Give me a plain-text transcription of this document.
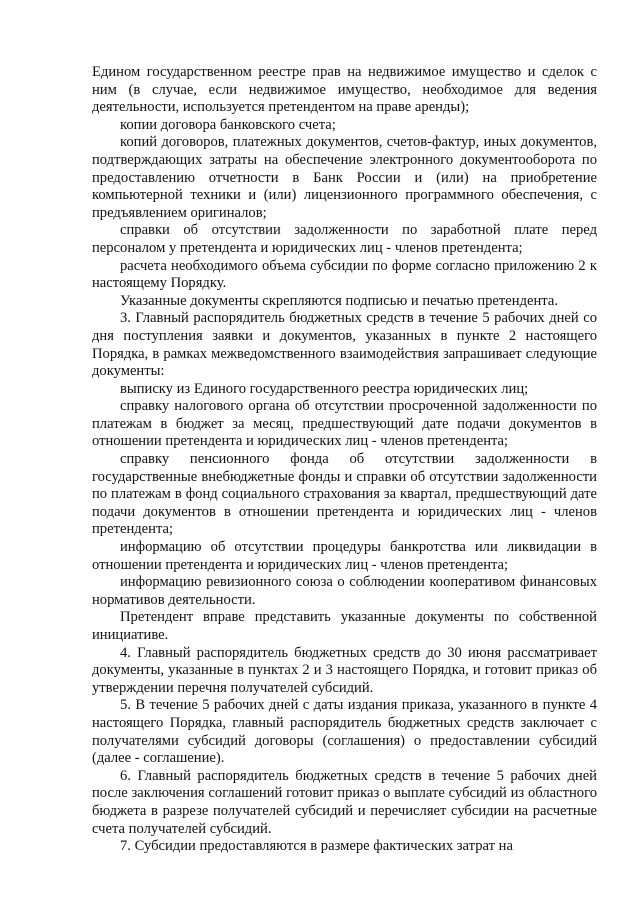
Едином государственном реестре прав на недвижимое имущество и сделок с ним (в случае, если недвижимое имущество, необходимое для ведения деятельности, используется претендентом на праве аренды);

копии договора банковского счета;

копий договоров, платежных документов, счетов-фактур, иных документов, подтверждающих затраты на обеспечение электронного документооборота по предоставлению отчетности в Банк России и (или) на приобретение компьютерной техники и (или) лицензионного программного обеспечения, с предъявлением оригиналов;

справки об отсутствии задолженности по заработной плате перед персоналом у претендента и юридических лиц - членов претендента;

расчета необходимого объема субсидии по форме согласно приложению 2 к настоящему Порядку.

Указанные документы скрепляются подписью и печатью претендента.

3. Главный распорядитель бюджетных средств в течение 5 рабочих дней со дня поступления заявки и документов, указанных в пункте 2 настоящего Порядка, в рамках межведомственного взаимодействия запрашивает следующие документы:

выписку из Единого государственного реестра юридических лиц;

справку налогового органа об отсутствии просроченной задолженности по платежам в бюджет за месяц, предшествующий дате подачи документов в отношении претендента и юридических лиц - членов претендента;

справку пенсионного фонда об отсутствии задолженности в государственные внебюджетные фонды и справки об отсутствии задолженности по платежам в фонд социального страхования за квартал, предшествующий дате подачи документов в отношении претендента и юридических лиц - членов претендента;

информацию об отсутствии процедуры банкротства или ликвидации в отношении претендента и юридических лиц - членов претендента;

информацию ревизионного союза о соблюдении кооперативом финансовых нормативов деятельности.

Претендент вправе представить указанные документы по собственной инициативе.

4. Главный распорядитель бюджетных средств до 30 июня рассматривает документы, указанные в пунктах 2 и 3 настоящего Порядка, и готовит приказ об утверждении перечня получателей субсидий.

5. В течение 5 рабочих дней с даты издания приказа, указанного в пункте 4 настоящего Порядка, главный распорядитель бюджетных средств заключает с получателями субсидий договоры (соглашения) о предоставлении субсидий (далее - соглашение).

6. Главный распорядитель бюджетных средств в течение 5 рабочих дней после заключения соглашений готовит приказ о выплате субсидий из областного бюджета в разрезе получателей субсидий и перечисляет субсидии на расчетные счета получателей субсидий.

7. Субсидии предоставляются в размере фактических затрат на
